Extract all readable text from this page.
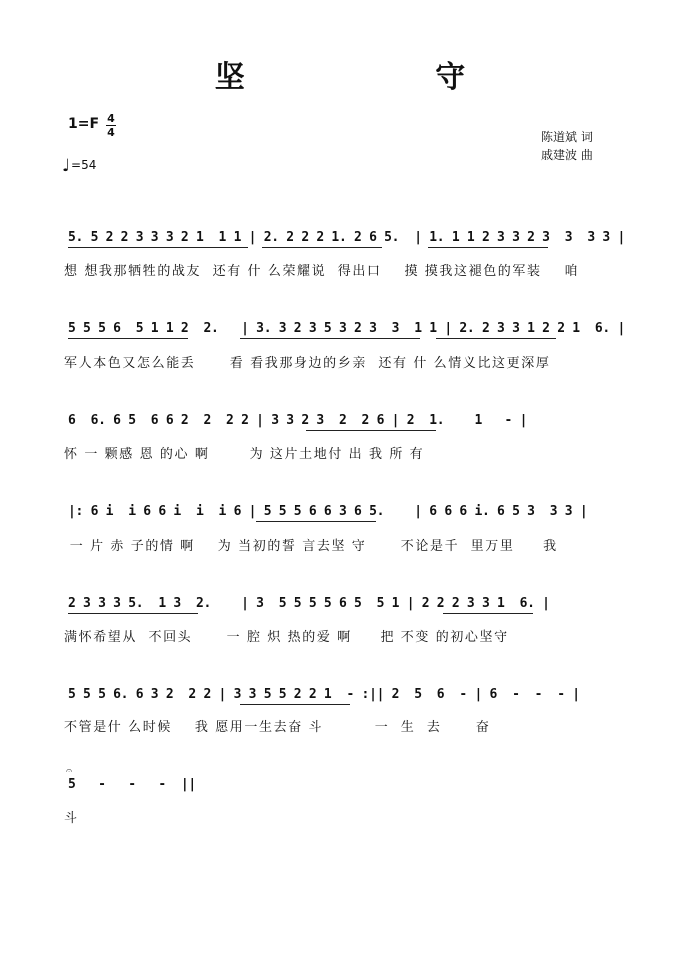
坚 守
1=F 4
4
♩=54
陈道斌 词
戚建波 曲
5. 5 2 2 3 3 3 2 1  1 1 | 2. 2 2 2 1. 2 6 5.  | 1. 1 1 2 3 3 2 3  3  3 3 |
想 想我那牺牲的战友  还有 什 么荣耀说  得出口    摸 摸我这褪色的军装    咱
5 5 5 6  5 1 1 2  2.   | 3. 3 2 3 5 3 2 3  3  1 1 | 2. 2 3 3 1 2 2 1  6. |
军人本色又怎么能丢      看 看我那身边的乡亲  还有 什 么情义比这更深厚
6  6. 6 5  6 6 2  2  2 2 | 3 3 2 3  2  2 6 | 2  1.    1   - |
怀 一 颗感 恩 的心 啊       为 这片土地付 出 我 所 有
|: 6 i  i 6 6 i  i  i 6 | 5 5 5 6 6 3 6 5.    | 6 6 6 i. 6 5 3  3 3 |
一 片 赤 子的情 啊    为 当初的誓 言去坚 守      不论是千  里万里     我
2 3 3 3 5.  1 3  2.    | 3  5 5 5 5 6 5  5 1 | 2 2 2 3 3 1  6. |
满怀希望从  不回头      一 腔 炽 热的爱 啊     把 不变 的初心坚守
5 5 5 6. 6 3 2  2 2 | 3 3 5 5 2 2 1  - :|| 2  5  6  - | 6  -  -  - |
不管是什 么时候    我 愿用一生去奋 斗         一  生  去      奋
5   -   -   -  ||
斗
𝄐
